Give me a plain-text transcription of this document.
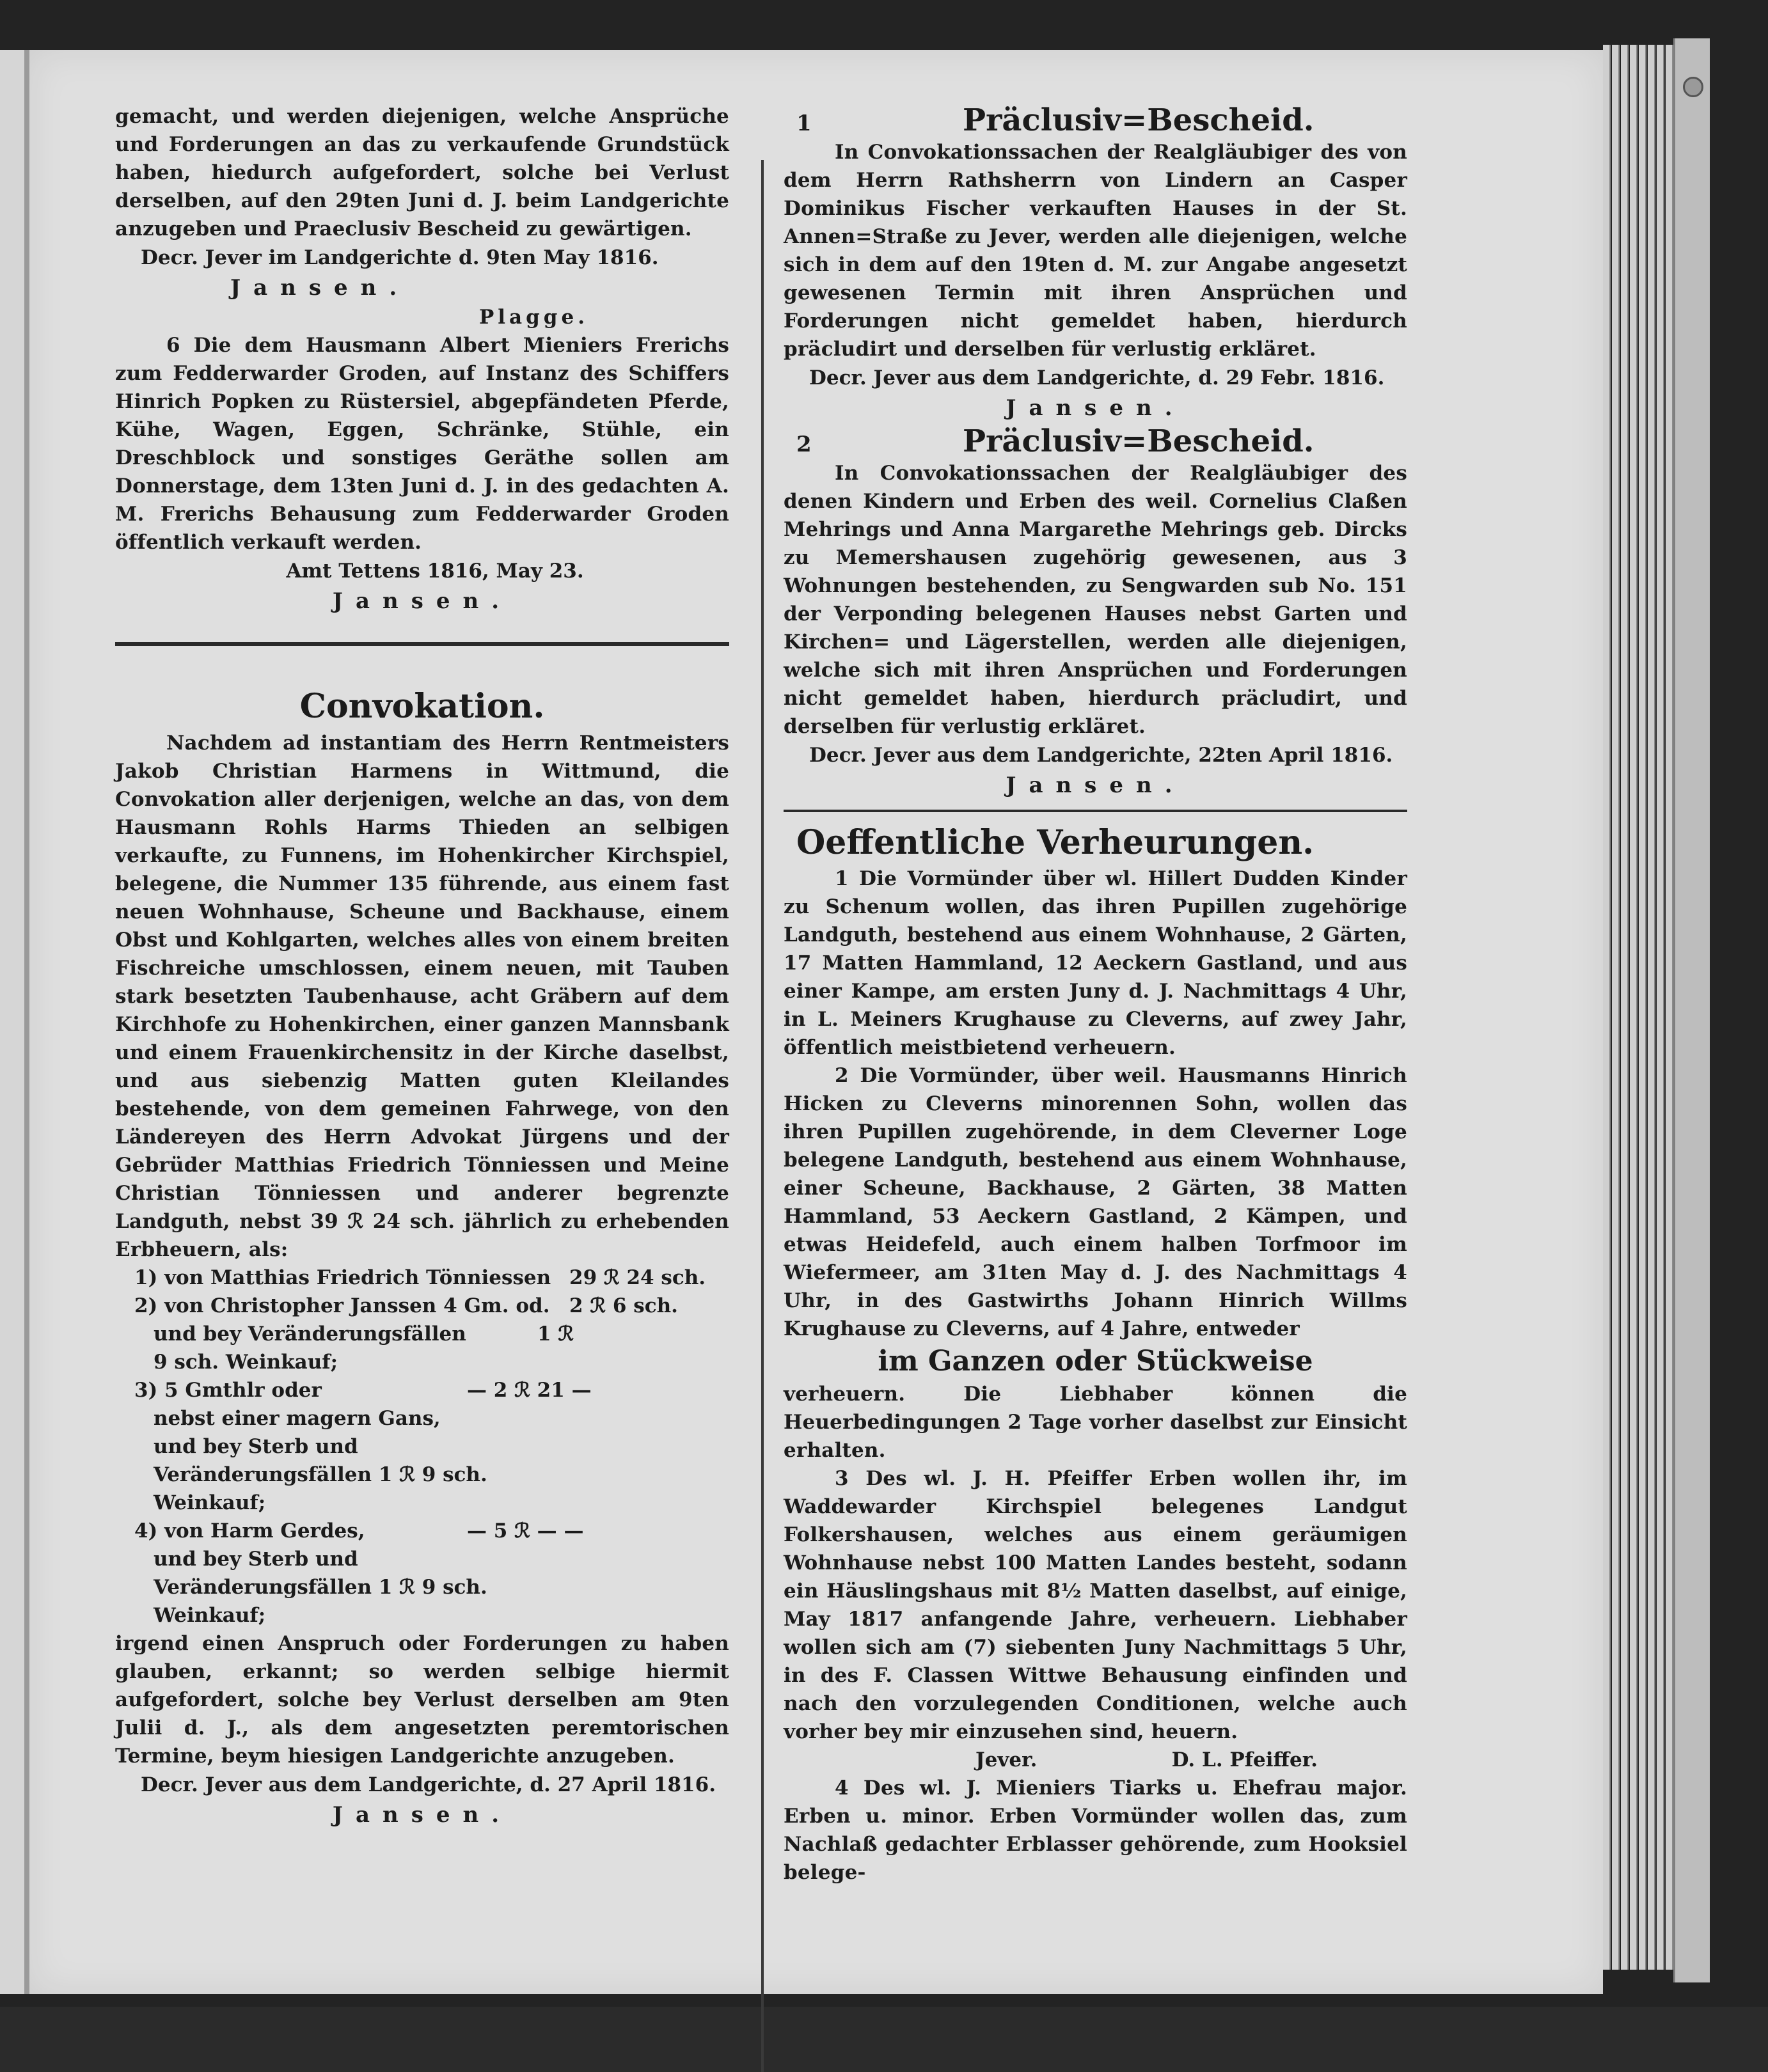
gemacht, und werden diejenigen, welche Ansprüche und Forderungen an das zu verkaufende Grundstück haben, hiedurch aufgefordert, solche bei Verlust derselben, auf den 29ten Juni d. J. beim Landgerichte anzugeben und Praeclusiv Bescheid zu gewärtigen.

Decr. Jever im Landgerichte d. 9ten May 1816.

Jansen.

Plagge.

6 Die dem Hausmann Albert Mieniers Frerichs zum Fedderwarder Groden, auf Instanz des Schiffers Hinrich Popken zu Rüstersiel, abgepfändeten Pferde, Kühe, Wagen, Eggen, Schränke, Stühle, ein Dreschblock und sonstiges Geräthe sollen am Donnerstage, dem 13ten Juni d. J. in des gedachten A. M. Frerichs Behausung zum Fedderwarder Groden öffentlich verkauft werden.

Amt Tettens 1816, May 23.

Jansen.

Convokation.

Nachdem ad instantiam des Herrn Rentmeisters Jakob Christian Harmens in Wittmund, die Convokation aller derjenigen, welche an das, von dem Hausmann Rohls Harms Thieden an selbigen verkaufte, zu Funnens, im Hohenkircher Kirchspiel, belegene, die Nummer 135 führende, aus einem fast neuen Wohnhause, Scheune und Backhause, einem Obst und Kohlgarten, welches alles von einem breiten Fischreiche umschlossen, einem neuen, mit Tauben stark besetzten Taubenhause, acht Gräbern auf dem Kirchhofe zu Hohenkirchen, einer ganzen Mannsbank und einem Frauenkirchensitz in der Kirche daselbst, und aus siebenzig Matten guten Kleilandes bestehende, von dem gemeinen Fahrwege, von den Ländereyen des Herrn Advokat Jürgens und der Gebrüder Matthias Friedrich Tönniessen und Meine Christian Tönniessen und anderer begrenzte Landguth, nebst 39 ℛ 24 sch. jährlich zu erhebenden Erbheuern, als:

1) von Matthias Friedrich Tönniessen 29 ℛ 24 sch.
2) von Christopher Janssen 4 Gm. od. 2 ℛ 6 sch.
und bey Veränderungsfällen	1 ℛ
9 sch. Weinkauf;
3) 5 Gmthlr oder	— 2 ℛ 21 —
nebst einer magern Gans,
und bey Sterb und Veränderungsfällen 1 ℛ 9 sch.
Weinkauf;
4) von Harm Gerdes,	— 5 ℛ — —
und bey Sterb und Veränderungsfällen 1 ℛ 9 sch.
Weinkauf;

irgend einen Anspruch oder Forderungen zu haben glauben, erkannt; so werden selbige hiermit aufgefordert, solche bey Verlust derselben am 9ten Julii d. J., als dem angesetzten peremtorischen Termine, beym hiesigen Landgerichte anzugeben.

Decr. Jever aus dem Landgerichte, d. 27 April 1816.

Jansen.

1	Präclusiv=Bescheid.

In Convokationssachen der Realgläubiger des von dem Herrn Rathsherrn von Lindern an Casper Dominikus Fischer verkauften Hauses in der St. Annen=Straße zu Jever, werden alle diejenigen, welche sich in dem auf den 19ten d. M. zur Angabe angesetzt gewesenen Termin mit ihren Ansprüchen und Forderungen nicht gemeldet haben, hierdurch präcludirt und derselben für verlustig erkläret.

Decr. Jever aus dem Landgerichte, d. 29 Febr. 1816.

Jansen.

2	Präclusiv=Bescheid.

In Convokationssachen der Realgläubiger des denen Kindern und Erben des weil. Cornelius Claßen Mehrings und Anna Margarethe Mehrings geb. Dircks zu Memershausen zugehörig gewesenen, aus 3 Wohnungen bestehenden, zu Sengwarden sub No. 151 der Verponding belegenen Hauses nebst Garten und Kirchen= und Lägerstellen, werden alle diejenigen, welche sich mit ihren Ansprüchen und Forderungen nicht gemeldet haben, hierdurch präcludirt, und derselben für verlustig erkläret.

Decr. Jever aus dem Landgerichte, 22ten April 1816.

Jansen.

Oeffentliche Verheurungen.

1 Die Vormünder über wl. Hillert Dudden Kinder zu Schenum wollen, das ihren Pupillen zugehörige Landguth, bestehend aus einem Wohnhause, 2 Gärten, 17 Matten Hammland, 12 Aeckern Gastland, und aus einer Kampe, am ersten Juny d. J. Nachmittags 4 Uhr, in L. Meiners Krughause zu Cleverns, auf zwey Jahr, öffentlich meistbietend verheuern.

2 Die Vormünder, über weil. Hausmanns Hinrich Hicken zu Cleverns minorennen Sohn, wollen das ihren Pupillen zugehörende, in dem Cleverner Loge belegene Landguth, bestehend aus einem Wohnhause, einer Scheune, Backhause, 2 Gärten, 38 Matten Hammland, 53 Aeckern Gastland, 2 Kämpen, und etwas Heidefeld, auch einem halben Torfmoor im Wiefermeer, am 31ten May d. J. des Nachmittags 4 Uhr, in des Gastwirths Johann Hinrich Willms Krughause zu Cleverns, auf 4 Jahre, entweder

im Ganzen oder Stückweise

verheuern. Die Liebhaber können die Heuerbedingungen 2 Tage vorher daselbst zur Einsicht erhalten.

3 Des wl. J. H. Pfeiffer Erben wollen ihr, im Waddewarder Kirchspiel belegenes Landgut Folkershausen, welches aus einem geräumigen Wohnhause nebst 100 Matten Landes besteht, sodann ein Häuslingshaus mit 8½ Matten daselbst, auf einige, May 1817 anfangende Jahre, verheuern. Liebhaber wollen sich am (7) siebenten Juny Nachmittags 5 Uhr, in des F. Classen Wittwe Behausung einfinden und nach den vorzulegenden Conditionen, welche auch vorher bey mir einzusehen sind, heuern.

Jever.	D. L. Pfeiffer.

4 Des wl. J. Mieniers Tiarks u. Ehefrau major. Erben u. minor. Erben Vormünder wollen das, zum Nachlaß gedachter Erblasser gehörende, zum Hooksiel belege-
